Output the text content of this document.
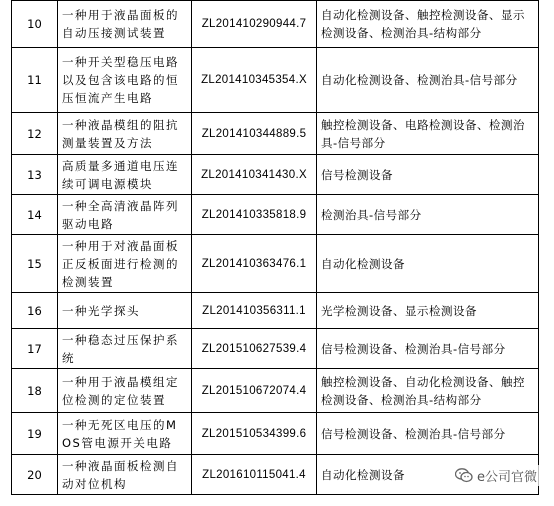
10	一种用于液晶面板的自动压接测试装置	ZL201410290944.7	自动化检测设备、触控检测设备、显示检测设备、检测治具-结构部分
11	一种开关型稳压电路以及包含该电路的恒压恒流产生电路	ZL201410345354.X	自动化检测设备、检测治具-信号部分
12	一种液晶模组的阻抗测量装置及方法	ZL201410344889.5	触控检测设备、电路检测设备、检测治具-信号部分
13	高质量多通道电压连续可调电源模块	ZL201410341430.X	信号检测设备
14	一种全高清液晶阵列驱动电路	ZL201410335818.9	检测治具-信号部分
15	一种用于对液晶面板正反板面进行检测的检测装置	ZL201410363476.1	自动化检测设备
16	一种光学探头	ZL201410356311.1	光学检测设备、显示检测设备
17	一种稳态过压保护系统	ZL201510627539.4	信号检测设备、检测治具-信号部分
18	一种用于液晶模组定位检测的定位装置	ZL201510672074.4	触控检测设备、自动化检测设备、触控检测设备、检测治具-结构部分
19	一种无死区电压的MOS管电源开关电路	ZL201510534399.6	信号检测设备、检测治具-信号部分
20	一种液晶面板检测自动对位机构	ZL201610115041.4	自动化检测设备	e公司官微
